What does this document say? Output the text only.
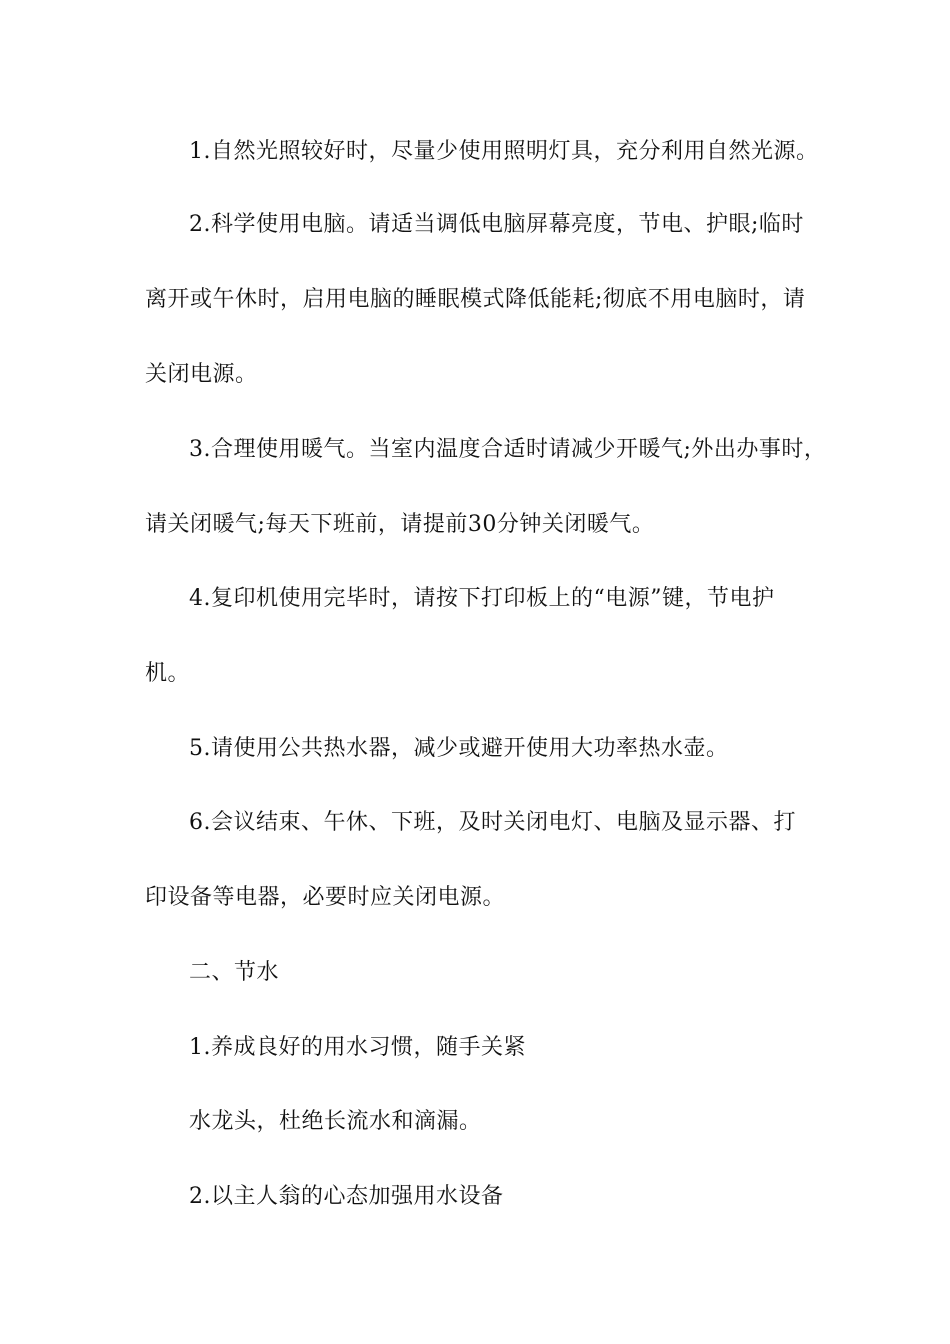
1.自然光照较好时，尽量少使用照明灯具，充分利用自然光源。
2.科学使用电脑。请适当调低电脑屏幕亮度，节电、护眼;临时
离开或午休时，启用电脑的睡眠模式降低能耗;彻底不用电脑时，请
关闭电源。
3.合理使用暖气。当室内温度合适时请减少开暖气;外出办事时，
请关闭暖气;每天下班前，请提前30分钟关闭暖气。
4.复印机使用完毕时，请按下打印板上的“电源”键，节电护
机。
5.请使用公共热水器，减少或避开使用大功率热水壶。
6.会议结束、午休、下班，及时关闭电灯、电脑及显示器、打
印设备等电器，必要时应关闭电源。
二、节水
1.养成良好的用水习惯，随手关紧
水龙头，杜绝长流水和滴漏。
2.以主人翁的心态加强用水设备
